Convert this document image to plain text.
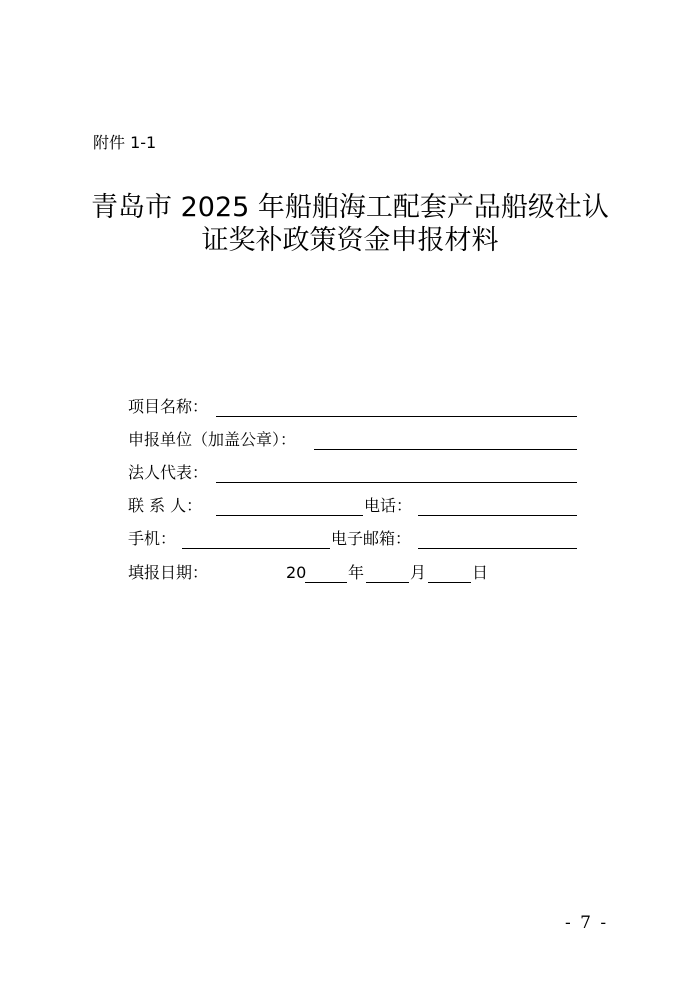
附件 1-1
青岛市 2025 年船舶海工配套产品船级社认
证奖补政策资金申报材料
项目名称：
申报单位（加盖公章）：
法人代表：
联 系 人：	电话：
手机：	电子邮箱：
填报日期：	20	年	月	日
- 7 -
